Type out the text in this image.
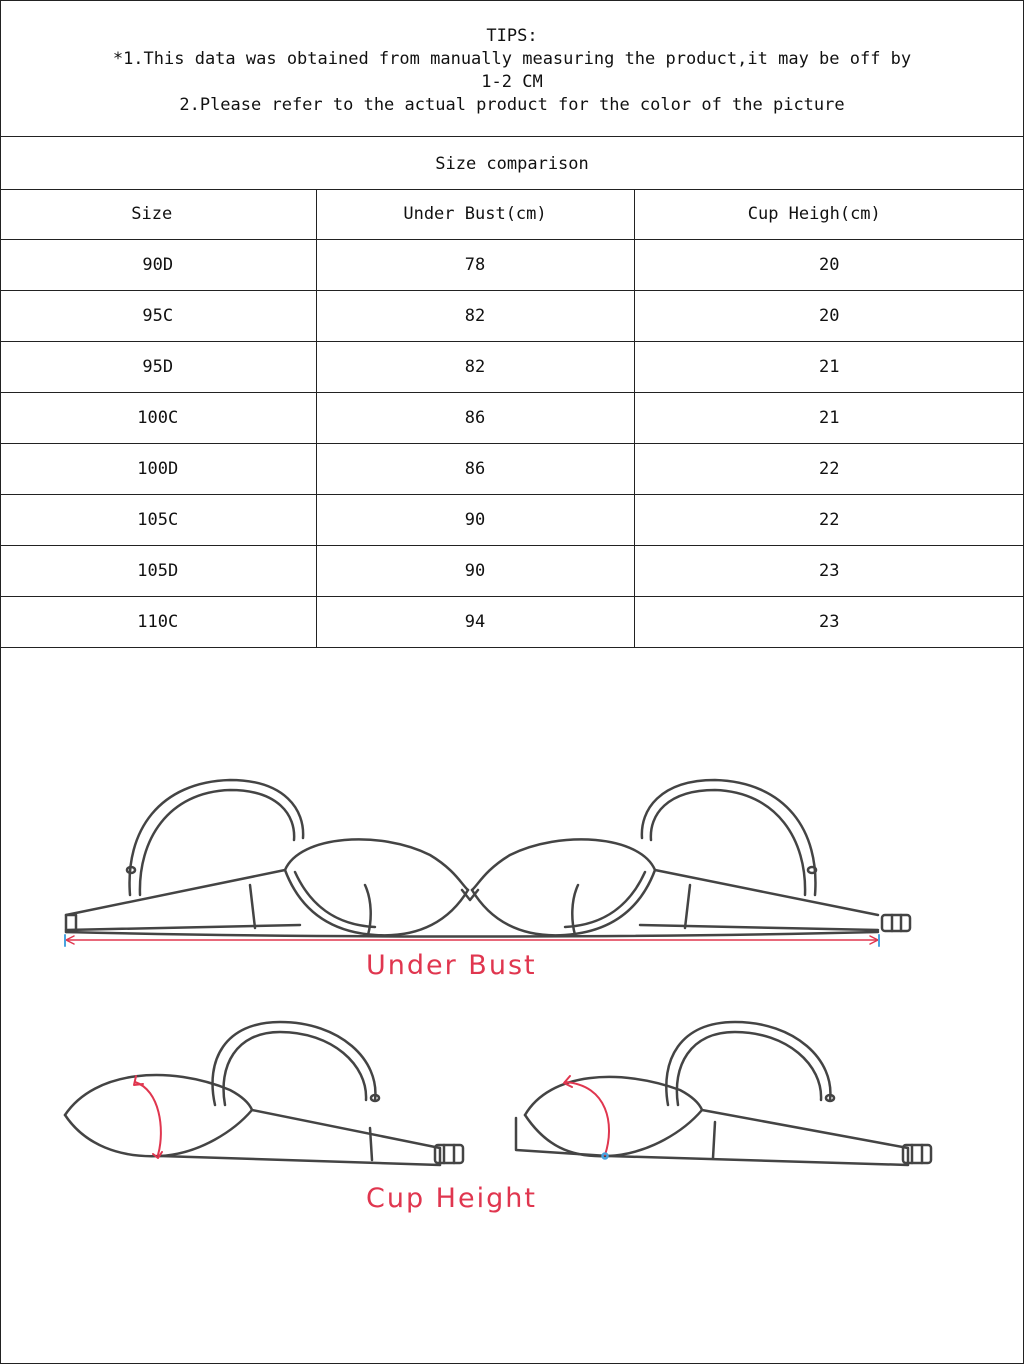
TIPS:
*1.This data was obtained from manually measuring the product,it may be off by
1-2 CM
2.Please refer to the actual product for the color of the picture
Size comparison
Size	Under Bust(cm)	Cup Heigh(cm)
90D	78	20
95C	82	20
95D	82	21
100C	86	21
100D	86	22
105C	90	22
105D	90	23
110C	94	23
Under Bust
Cup Height
